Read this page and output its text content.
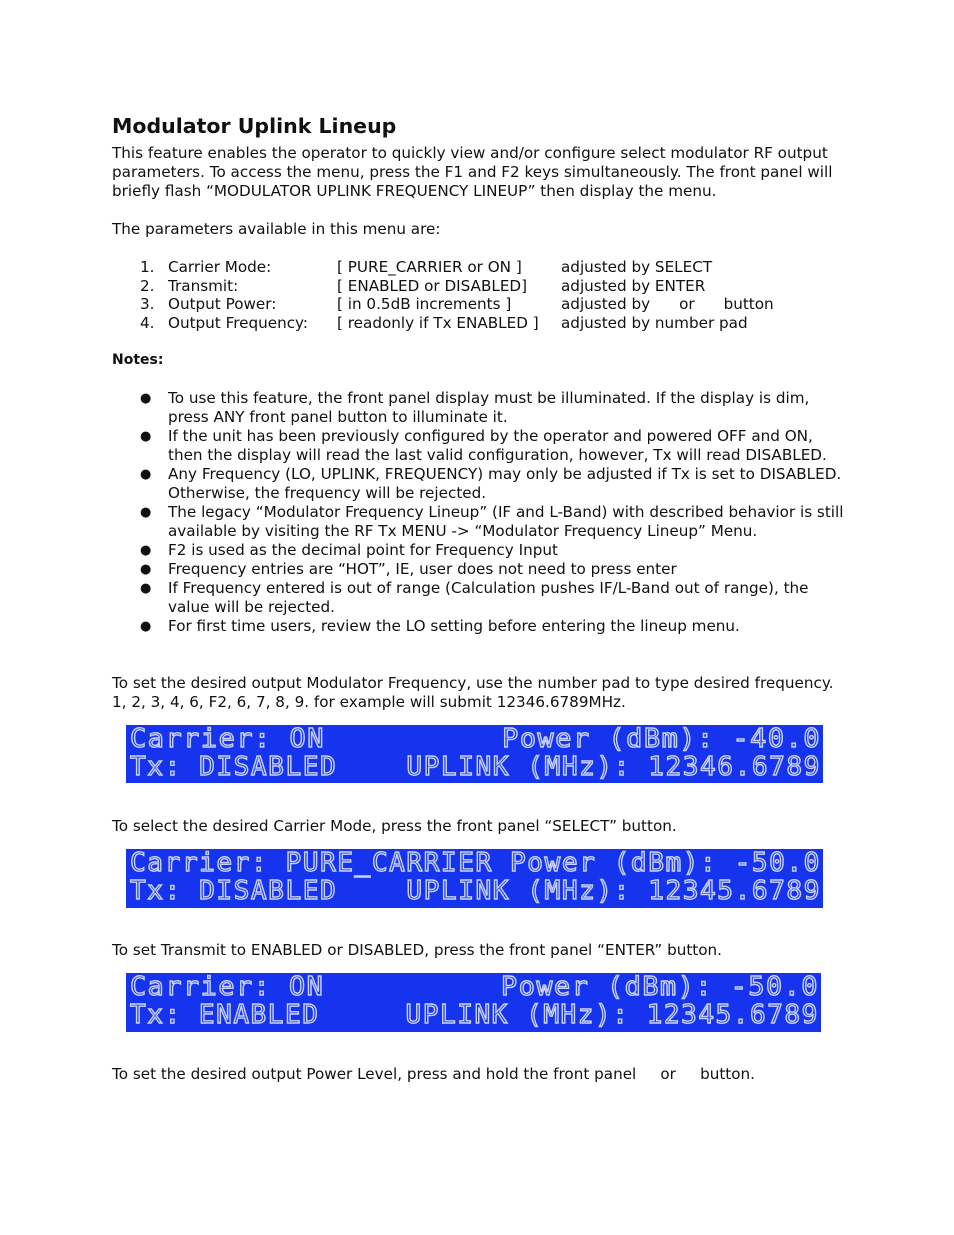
Modulator Uplink Lineup

This feature enables the operator to quickly view and/or configure select modulator RF output parameters. To access the menu, press the F1 and F2 keys simultaneously. The front panel will briefly flash “MODULATOR UPLINK FREQUENCY LINEUP” then display the menu.

The parameters available in this menu are:

1. Carrier Mode:	[ PURE_CARRIER or ON ]	adjusted by SELECT
2. Transmit:	[ ENABLED or DISABLED] adjusted by ENTER
3. Output Power:	[ in 0.5dB increments ]	adjusted by      or      button
4. Output Frequency: [ readonly if Tx ENABLED ] adjusted by number pad
Notes:
● To use this feature, the front panel display must be illuminated. If the display is dim, press ANY front panel button to illuminate it.
● If the unit has been previously configured by the operator and powered OFF and ON, then the display will read the last valid configuration, however, Tx will read DISABLED.
● Any Frequency (LO, UPLINK, FREQUENCY) may only be adjusted if Tx is set to DISABLED. Otherwise, the frequency will be rejected.
● The legacy “Modulator Frequency Lineup” (IF and L-Band) with described behavior is still available by visiting the RF Tx MENU -> “Modulator Frequency Lineup” Menu.
● F2 is used as the decimal point for Frequency Input
● Frequency entries are “HOT”, IE, user does not need to press enter
● If Frequency entered is out of range (Calculation pushes IF/L-Band out of range), the value will be rejected.
● For first time users, review the LO setting before entering the lineup menu.

To set the desired output Modulator Frequency, use the number pad to type desired frequency. 1, 2, 3, 4, 6, F2, 6, 7, 8, 9. for example will submit 12346.6789MHz.

Carrier: ON          Power (dBm): -40.0
Tx: DISABLED    UPLINK (MHz): 12346.6789

To select the desired Carrier Mode, press the front panel “SELECT” button.

Carrier: PURE_CARRIER Power (dBm): -50.0
Tx: DISABLED    UPLINK (MHz): 12345.6789

To set Transmit to ENABLED or DISABLED, press the front panel “ENTER” button.

Carrier: ON          Power (dBm): -50.0
Tx: ENABLED     UPLINK (MHz): 12345.6789

To set the desired output Power Level, press and hold the front panel     or     button.
